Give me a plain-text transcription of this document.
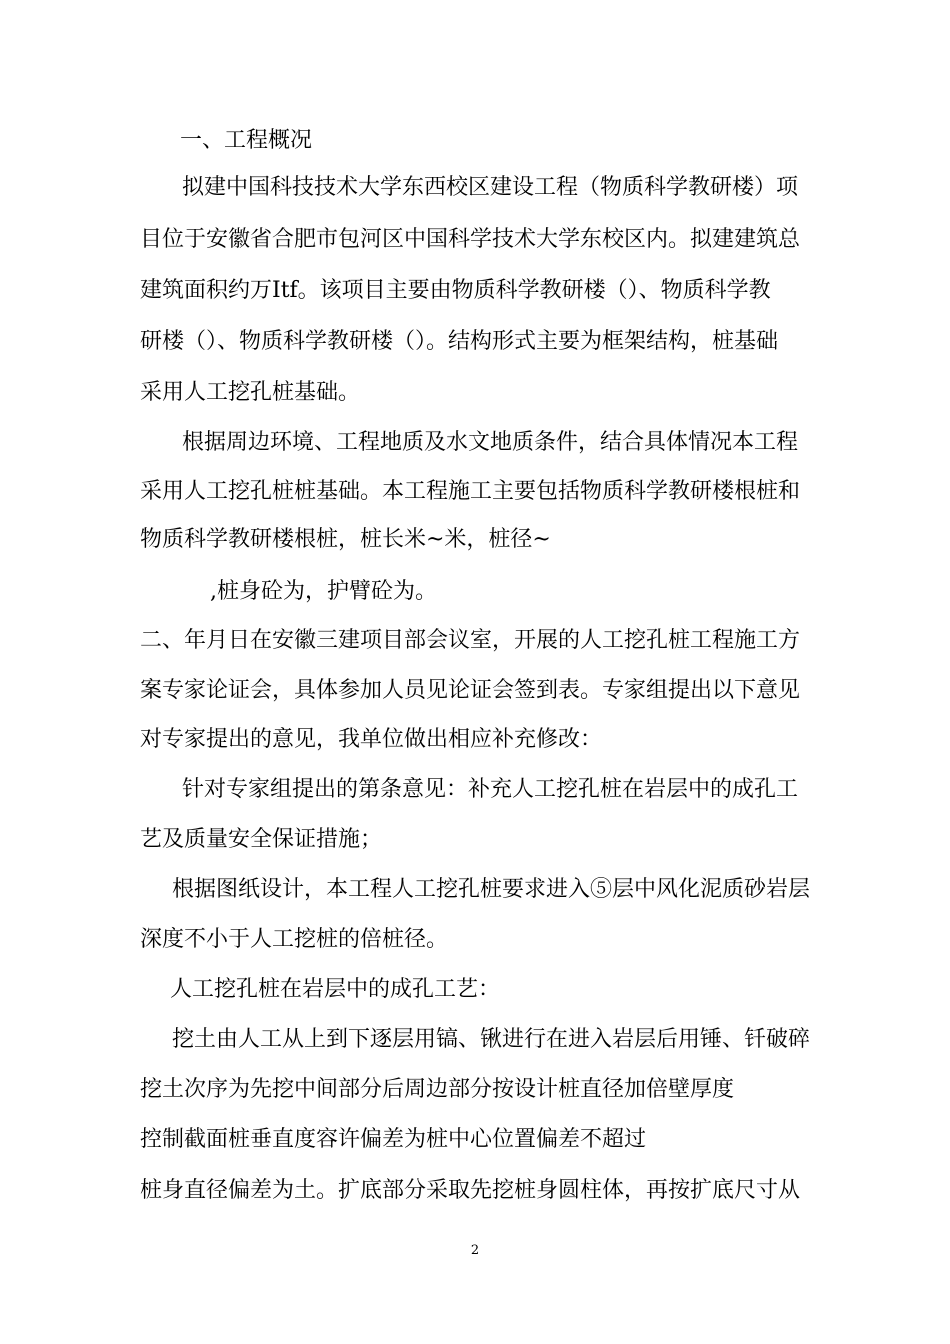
一、工程概况
拟建中国科技技术大学东西校区建设工程（物质科学教研楼）项
目位于安徽省合肥市包河区中国科学技术大学东校区内。拟建建筑总
建筑面积约万Itf。该项目主要由物质科学教研楼（）、物质科学教
研楼（）、物质科学教研楼（）。结构形式主要为框架结构，桩基础
采用人工挖孔桩基础。
根据周边环境、工程地质及水文地质条件，结合具体情况本工程
采用人工挖孔桩桩基础。本工程施工主要包括物质科学教研楼根桩和
物质科学教研楼根桩，桩长米~米，桩径~
,桩身砼为，护臂砼为。
二、年月日在安徽三建项目部会议室，开展的人工挖孔桩工程施工方
案专家论证会，具体参加人员见论证会签到表。专家组提出以下意见
对专家提出的意见，我单位做出相应补充修改：
针对专家组提出的第条意见：补充人工挖孔桩在岩层中的成孔工
艺及质量安全保证措施；
根据图纸设计，本工程人工挖孔桩要求进入⑤层中风化泥质砂岩层
深度不小于人工挖桩的倍桩径。
人工挖孔桩在岩层中的成孔工艺：
挖土由人工从上到下逐层用镐、锹进行在进入岩层后用锤、钎破碎
挖土次序为先挖中间部分后周边部分按设计桩直径加倍壁厚度
控制截面桩垂直度容许偏差为桩中心位置偏差不超过
桩身直径偏差为土。扩底部分采取先挖桩身圆柱体，再按扩底尺寸从
2
